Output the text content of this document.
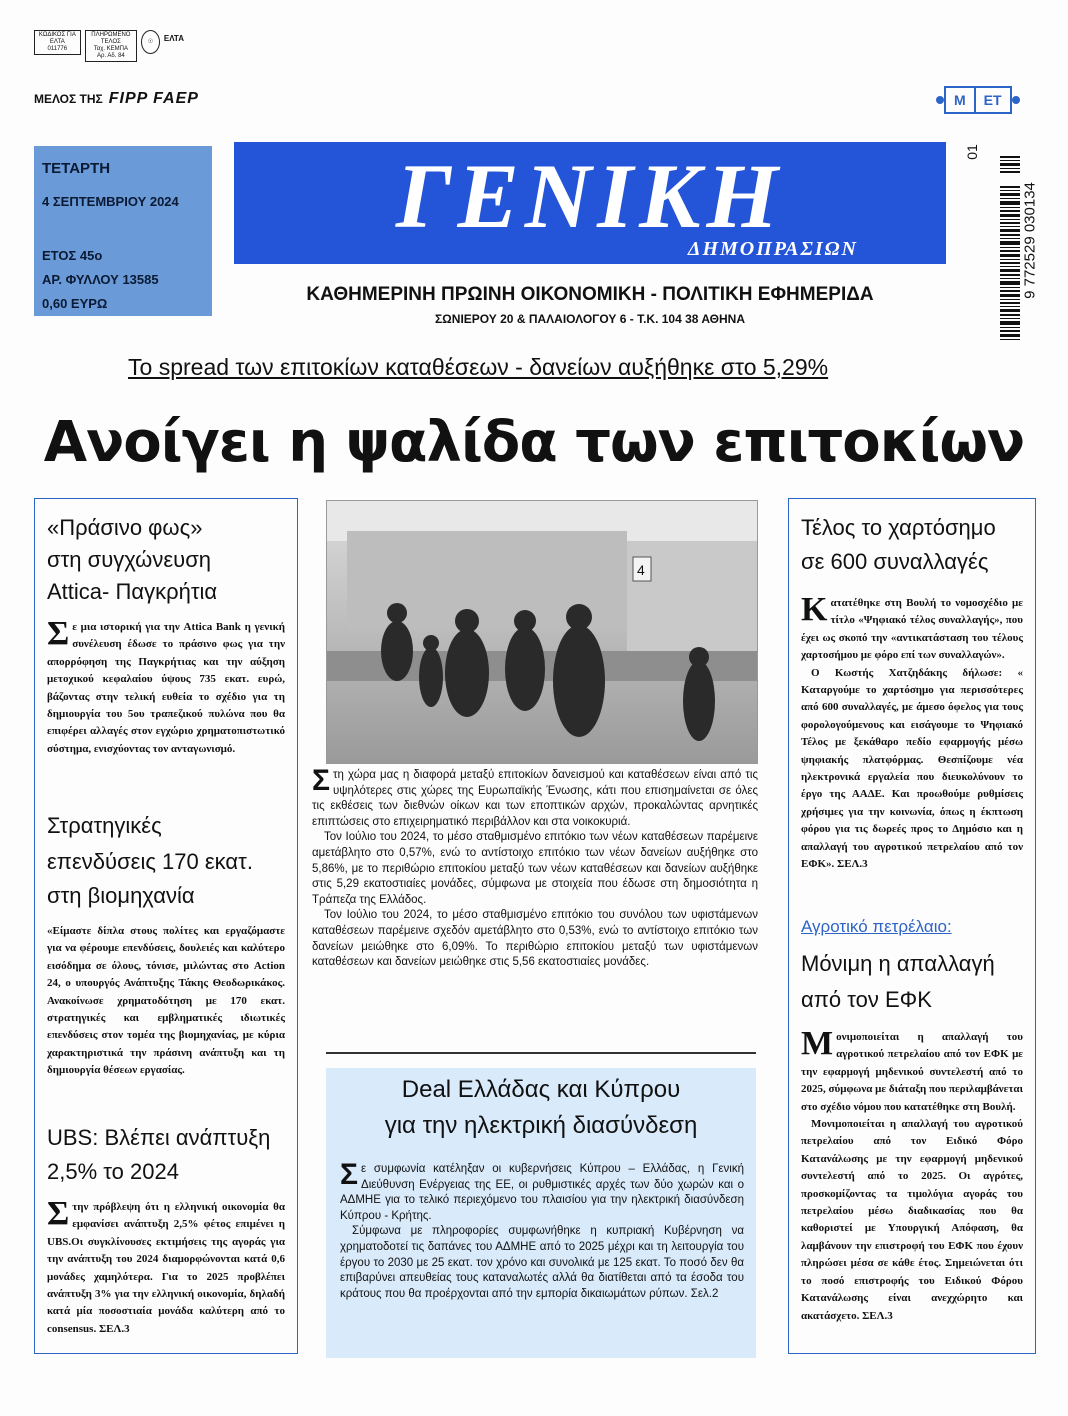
ΚΩΔΙΚΟΣ ΓΙΑ ΕΛΤΑ
011776
ΠΛΗΡΩΜΕΝΟ ΤΕΛΟΣ
Ταχ. ΚΕΜΠΑ
Αρ. Αδ. 84
☉	ΕΛΤΑ
ΜΕΛΟΣ ΤΗΣ FIPP FAEP	Μ	ΕΤ
ΤΕΤΑΡΤΗ
4 ΣΕΠΤΕΜΒΡΙΟΥ 2024
ΕΤΟΣ 45ο
ΑΡ. ΦΥΛΛΟΥ 13585
0,60 ΕΥΡΩ
ΓΕΝΙΚΗ
ΔΗΜΟΠΡΑΣΙΩΝ
ΚΑΘΗΜΕΡΙΝΗ ΠΡΩΙΝΗ ΟΙΚΟΝΟΜΙΚΗ - ΠΟΛΙΤΙΚΗ ΕΦΗΜΕΡΙΔΑ
ΣΩΝΙΕΡΟΥ 20 & ΠΑΛΑΙΟΛΟΓΟΥ 6 - Τ.Κ. 104 38 ΑΘΗΝΑ
01
9 772529 030134
Το spread των επιτοκίων καταθέσεων - δανείων αυξήθηκε στο 5,29%
Ανοίγει η ψαλίδα των επιτοκίων
«Πράσινο φως»
στη συγχώνευση
Attica- Παγκρήτια
Σε μια ιστορική για την Attica Bank η γενική συνέλευση έδωσε το πράσινο φως για την απορρόφηση της Παγκρήτιας και την αύξηση μετοχικού κεφαλαίου ύψους 735 εκατ. ευρώ, βάζοντας στην τελική ευθεία το σχέδιο για τη δημιουργία του 5ου τραπεζικού πυλώνα που θα επιφέρει αλλαγές στον εγχώριο χρηματοπιστωτικό σύστημα, ενισχύοντας τον ανταγωνισμό.
Στρατηγικές
επενδύσεις 170 εκατ.
στη βιομηχανία
«Είμαστε δίπλα στους πολίτες και εργαζόμαστε για να φέρουμε επενδύσεις, δουλειές και καλύτερο εισόδημα σε όλους, τόνισε, μιλώντας στο Action 24, ο υπουργός Ανάπτυξης Τάκης Θεοδωρικάκος. Ανακοίνωσε χρηματοδότηση με 170 εκατ. στρατηγικές και εμβληματικές ιδιωτικές επενδύσεις στον τομέα της βιομηχανίας, με κύρια χαρακτηριστικά την πράσινη ανάπτυξη και τη δημιουργία θέσεων εργασίας.
UBS: Βλέπει ανάπτυξη
2,5% το 2024
Στην πρόβλεψη ότι η ελληνική οικονομία θα εμφανίσει ανάπτυξη 2,5% φέτος επιμένει η UBS.Οι συγκλίνουσες εκτιμήσεις της αγοράς για την ανάπτυξη του 2024 διαμορφώνονται κατά 0,6 μονάδες χαμηλότερα. Για το 2025 προβλέπει ανάπτυξη 3% για την ελληνική οικονομία, δηλαδή κατά μία ποσοστιαία μονάδα καλύτερη από το consensus. ΣΕΛ.3
4

Στη χώρα μας η διαφορά μεταξύ επιτοκίων δανεισμού και καταθέσεων είναι από τις υψηλότερες στις χώρες της Ευρωπαϊκής Ένωσης, κάτι που επισημαίνεται σε όλες τις εκθέσεις των διεθνών οίκων και των εποπτικών αρχών, προκαλώντας αρνητικές επιπτώσεις στο επιχειρηματικό περιβάλλον και στα νοικοκυριά.

Τον Ιούλιο του 2024, το μέσο σταθμισμένο επιτόκιο των νέων καταθέσεων παρέμεινε αμετάβλητο στο 0,57%, ενώ το αντίστοιχο επιτόκιο των νέων δανείων αυξήθηκε στο 5,86%, με το περιθώριο επιτοκίου μεταξύ των νέων καταθέσεων και δανείων αυξήθηκε στις 5,29 εκατοστιαίες μονάδες, σύμφωνα με στοιχεία που έδωσε στη δημοσιότητα η Τράπεζα της Ελλάδος.

Τον Ιούλιο του 2024, το μέσο σταθμισμένο επιτόκιο του συνόλου των υφιστάμενων καταθέσεων παρέμεινε σχεδόν αμετάβλητο στο 0,53%, ενώ το αντίστοιχο επιτόκιο των δανείων μειώθηκε στο 6,09%. Το περιθώριο επιτοκίου μεταξύ των υφιστάμενων καταθέσεων και δανείων μειώθηκε στις 5,56 εκατοστιαίες μονάδες.

Deal Ελλάδας και Κύπρου
για την ηλεκτρική διασύνδεση

Σε συμφωνία κατέληξαν οι κυβερνήσεις Κύπρου – Ελλάδας, η Γενική Διεύθυνση Ενέργειας της ΕΕ, οι ρυθμιστικές αρχές των δύο χωρών και ο ΑΔΜΗΕ για το τελικό περιεχόμενο του πλαισίου για την ηλεκτρική διασύνδεση Κύπρου - Κρήτης.

Σύμφωνα με πληροφορίες συμφωνήθηκε η κυπριακή Κυβέρνηση να χρηματοδοτεί τις δαπάνες του ΑΔΜΗΕ από το 2025 μέχρι και τη λειτουργία του έργου το 2030 με 25 εκατ. τον χρόνο και συνολικά με 125 εκατ. Το ποσό δεν θα επιβαρύνει απευθείας τους καταναλωτές αλλά θα διατίθεται από τα έσοδα του κράτους που θα προέρχονται από την εμπορία δικαιωμάτων ρύπων. Σελ.2

Τέλος το χαρτόσημο
σε 600 συναλλαγές

Κατατέθηκε στη Βουλή το νομοσχέδιο με τίτλο «Ψηφιακό τέλος συναλλαγής», που έχει ως σκοπό την «αντικατάσταση του τέλους χαρτοσήμου με φόρο επί των συναλλαγών».

Ο Κωστής Χατζηδάκης δήλωσε: « Καταργούμε το χαρτόσημο για περισσότερες από 600 συναλλαγές, με άμεσο όφελος για τους φορολογούμενους και εισάγουμε το Ψηφιακό Τέλος με ξεκάθαρο πεδίο εφαρμογής μέσω ψηφιακής πλατφόρμας. Θεσπίζουμε νέα ηλεκτρονικά εργαλεία που διευκολύνουν το έργο της ΑΑΔΕ. Και προωθούμε ρυθμίσεις χρήσιμες για την κοινωνία, όπως η έκπτωση φόρου για τις δωρεές προς το Δημόσιο και η απαλλαγή του αγροτικού πετρελαίου από τον ΕΦΚ». ΣΕΛ.3

Αγροτικό πετρέλαιο:
Μόνιμη η απαλλαγή
από τον ΕΦΚ

Μονιμοποιείται η απαλλαγή του αγροτικού πετρελαίου από τον ΕΦΚ με την εφαρμογή μηδενικού συντελεστή από το 2025, σύμφωνα με διάταξη που περιλαμβάνεται στο σχέδιο νόμου που κατατέθηκε στη Βουλή.

Μονιμοποιείται η απαλλαγή του αγροτικού πετρελαίου από τον Ειδικό Φόρο Κατανάλωσης με την εφαρμογή μηδενικού συντελεστή από το 2025. Οι αγρότες, προσκομίζοντας τα τιμολόγια αγοράς του πετρελαίου μέσω διαδικασίας που θα καθοριστεί με Υπουργική Απόφαση, θα λαμβάνουν την επιστροφή του ΕΦΚ που έχουν πληρώσει μέσα σε κάθε έτος. Σημειώνεται ότι το ποσό επιστροφής του Ειδικού Φόρου Κατανάλωσης είναι ανεχχώρητο και ακατάσχετο. ΣΕΛ.3
